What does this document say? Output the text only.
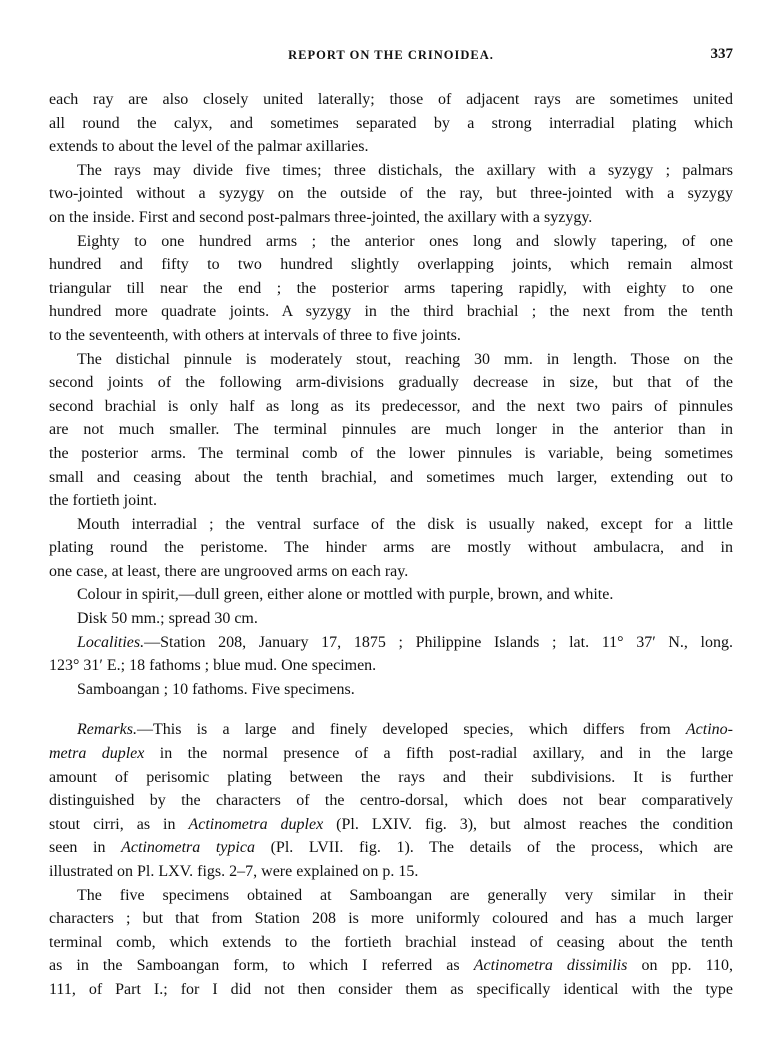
REPORT ON THE CRINOIDEA.	337
each ray are also closely united laterally; those of adjacent rays are sometimes united
all round the calyx, and sometimes separated by a strong interradial plating which
extends to about the level of the palmar axillaries.
The rays may divide five times; three distichals, the axillary with a syzygy ; palmars
two-jointed without a syzygy on the outside of the ray, but three-jointed with a syzygy
on the inside. First and second post-palmars three-jointed, the axillary with a syzygy.
Eighty to one hundred arms ; the anterior ones long and slowly tapering, of one
hundred and fifty to two hundred slightly overlapping joints, which remain almost
triangular till near the end ; the posterior arms tapering rapidly, with eighty to one
hundred more quadrate joints. A syzygy in the third brachial ; the next from the tenth
to the seventeenth, with others at intervals of three to five joints.
The distichal pinnule is moderately stout, reaching 30 mm. in length. Those on the
second joints of the following arm-divisions gradually decrease in size, but that of the
second brachial is only half as long as its predecessor, and the next two pairs of pinnules
are not much smaller. The terminal pinnules are much longer in the anterior than in
the posterior arms. The terminal comb of the lower pinnules is variable, being sometimes
small and ceasing about the tenth brachial, and sometimes much larger, extending out to
the fortieth joint.
Mouth interradial ; the ventral surface of the disk is usually naked, except for a little
plating round the peristome. The hinder arms are mostly without ambulacra, and in
one case, at least, there are ungrooved arms on each ray.
Colour in spirit,—dull green, either alone or mottled with purple, brown, and white.
Disk 50 mm.; spread 30 cm.
Localities.—Station 208, January 17, 1875 ; Philippine Islands ; lat. 11° 37′ N., long.
123° 31′ E.; 18 fathoms ; blue mud. One specimen.
Samboangan ; 10 fathoms. Five specimens.
Remarks.—This is a large and finely developed species, which differs from Actino-
metra duplex in the normal presence of a fifth post-radial axillary, and in the large
amount of perisomic plating between the rays and their subdivisions. It is further
distinguished by the characters of the centro-dorsal, which does not bear comparatively
stout cirri, as in Actinometra duplex (Pl. LXIV. fig. 3), but almost reaches the condition
seen in Actinometra typica (Pl. LVII. fig. 1). The details of the process, which are
illustrated on Pl. LXV. figs. 2–7, were explained on p. 15.
The five specimens obtained at Samboangan are generally very similar in their
characters ; but that from Station 208 is more uniformly coloured and has a much larger
terminal comb, which extends to the fortieth brachial instead of ceasing about the tenth
as in the Samboangan form, to which I referred as Actinometra dissimilis on pp. 110,
111, of Part I.; for I did not then consider them as specifically identical with the type
